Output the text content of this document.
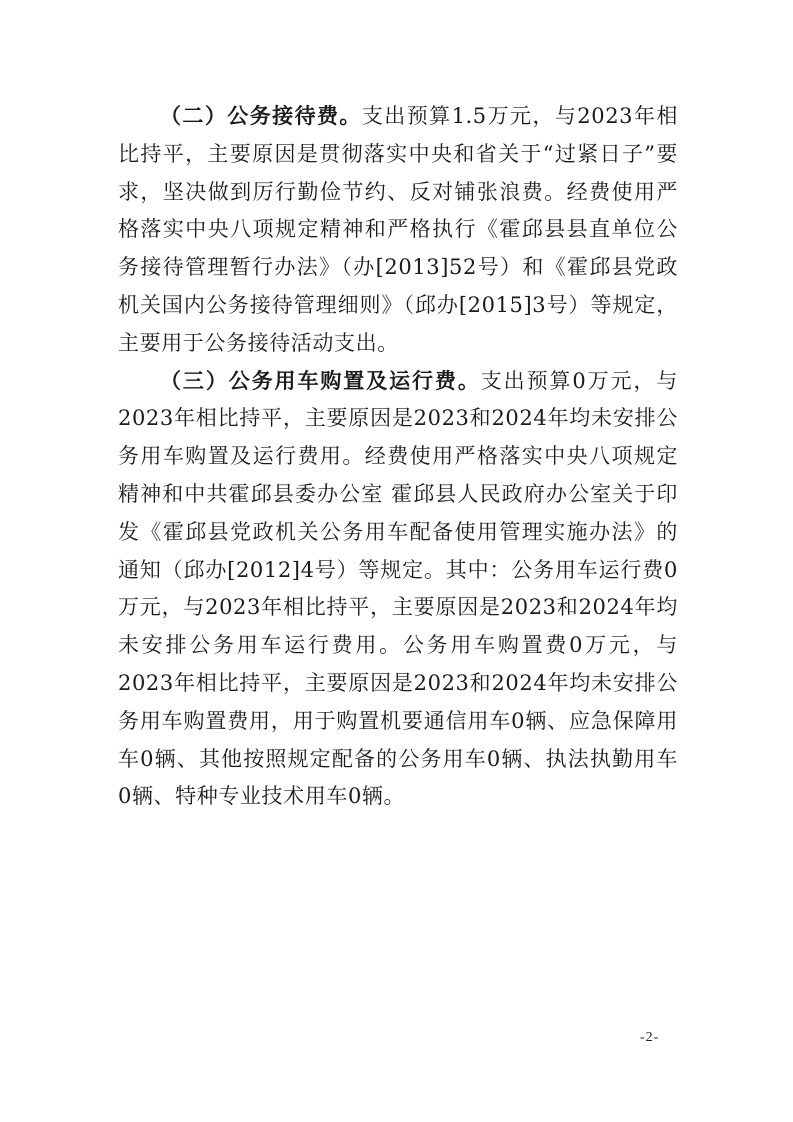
（二）公务接待费。支出预算1.5万元，与2023年相比持平，主要原因是贯彻落实中央和省关于“过紧日子”要求，坚决做到厉行勤俭节约、反对铺张浪费。经费使用严格落实中央八项规定精神和严格执行《霍邱县县直单位公务接待管理暂行办法》（办[2013]52号）和《霍邱县党政机关国内公务接待管理细则》（邱办[2015]3号）等规定，主要用于公务接待活动支出。

（三）公务用车购置及运行费。支出预算0万元，与2023年相比持平，主要原因是2023和2024年均未安排公务用车购置及运行费用。经费使用严格落实中央八项规定精神和中共霍邱县委办公室 霍邱县人民政府办公室关于印发《霍邱县党政机关公务用车配备使用管理实施办法》的通知（邱办[2012]4号）等规定。其中：公务用车运行费0万元，与2023年相比持平，主要原因是2023和2024年均未安排公务用车运行费用。公务用车购置费0万元，与2023年相比持平，主要原因是2023和2024年均未安排公务用车购置费用，用于购置机要通信用车0辆、应急保障用车0辆、其他按照规定配备的公务用车0辆、执法执勤用车0辆、特种专业技术用车0辆。

-2-
